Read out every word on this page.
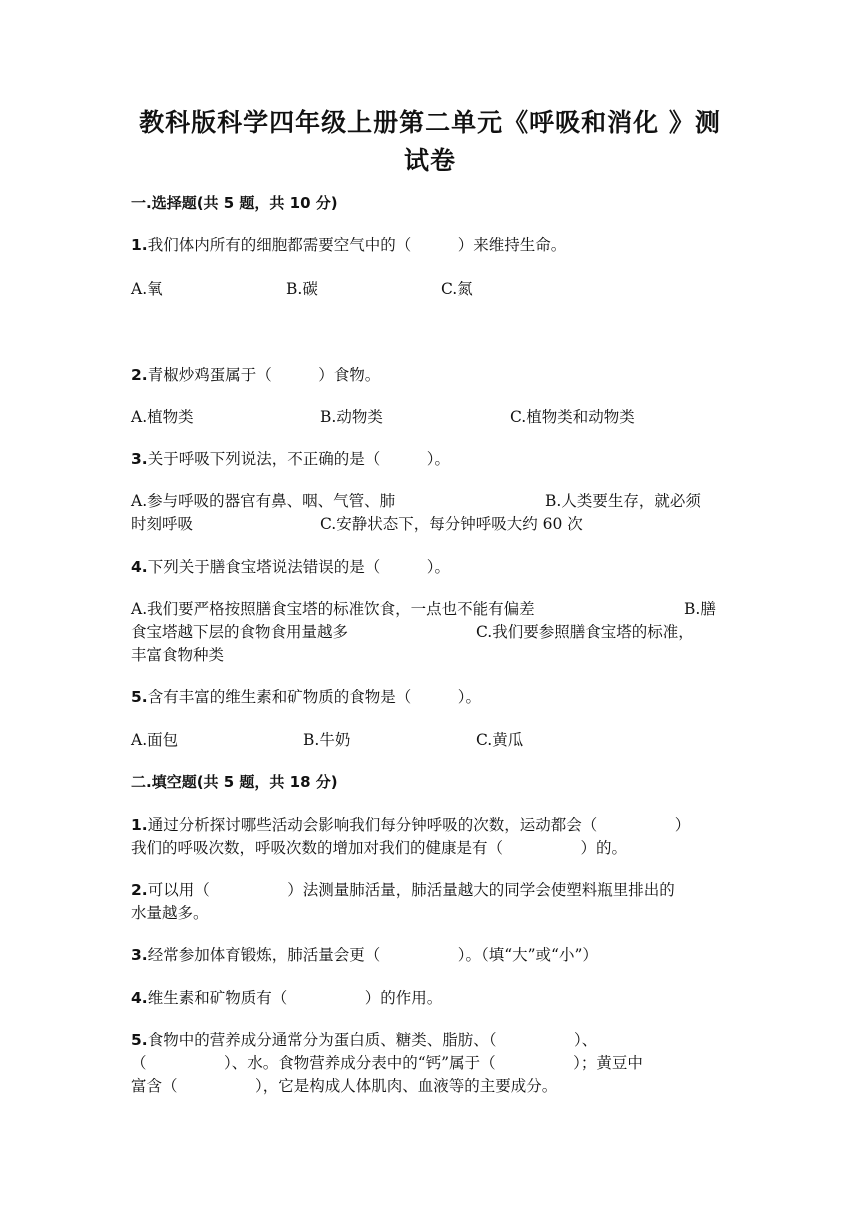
教科版科学四年级上册第二单元《呼吸和消化 》测
试卷
一.选择题(共 5 题，共 10 分)
1.我们体内所有的细胞都需要空气中的（　　　）来维持生命。
A.氧	B.碳	C.氮
2.青椒炒鸡蛋属于（　　　）食物。
A.植物类	B.动物类	C.植物类和动物类
3.关于呼吸下列说法，不正确的是（　　　）。
A.参与呼吸的器官有鼻、咽、气管、肺	B.人类要生存，就必须
时刻呼吸	C.安静状态下，每分钟呼吸大约 60 次
4.下列关于膳食宝塔说法错误的是（　　　）。
A.我们要严格按照膳食宝塔的标准饮食，一点也不能有偏差	B.膳
食宝塔越下层的食物食用量越多	C.我们要参照膳食宝塔的标准，
丰富食物种类
5.含有丰富的维生素和矿物质的食物是（　　　）。
A.面包	B.牛奶	C.黄瓜
二.填空题(共 5 题，共 18 分)
1.通过分析探讨哪些活动会影响我们每分钟呼吸的次数，运动都会（　　　　　）
我们的呼吸次数，呼吸次数的增加对我们的健康是有（　　　　　）的。
2.可以用（　　　　　）法测量肺活量，肺活量越大的同学会使塑料瓶里排出的
水量越多。
3.经常参加体育锻炼，肺活量会更（　　　　　）。（填“大”或“小”）
4.维生素和矿物质有（　　　　　）的作用。
5.食物中的营养成分通常分为蛋白质、糖类、脂肪、（　　　　　）、
（　　　　　）、水。食物营养成分表中的“钙”属于（　　　　　）；黄豆中
富含（　　　　　），它是构成人体肌肉、血液等的主要成分。
